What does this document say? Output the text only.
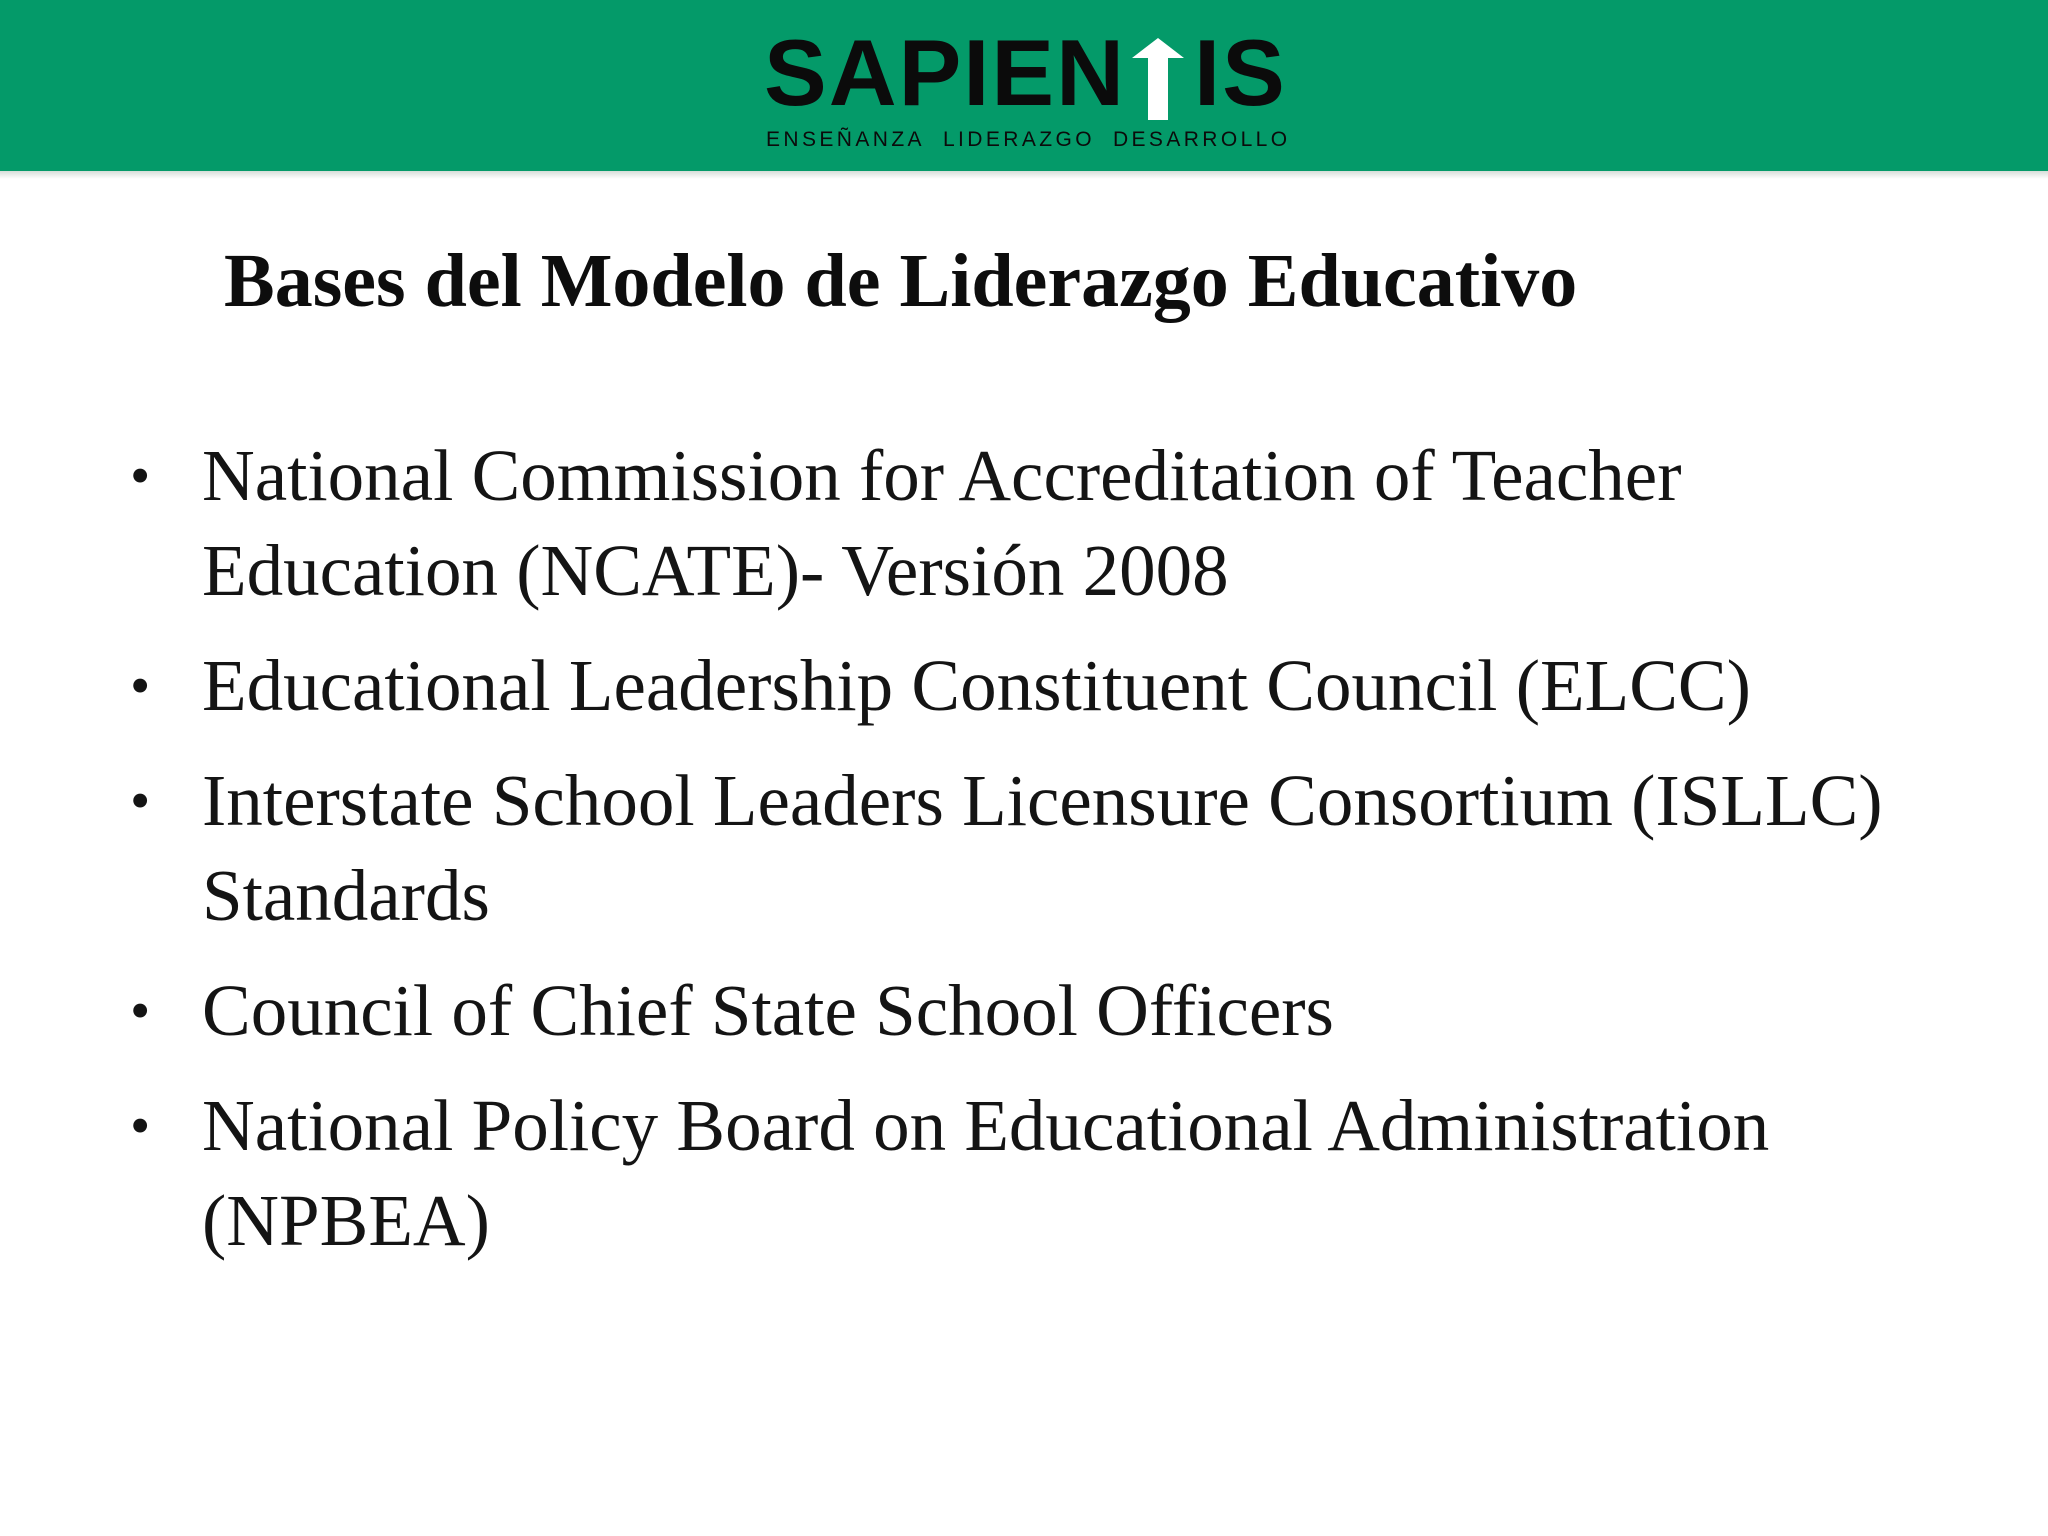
SAPIEN IS
ENSEÑANZA LIDERAZGO DESARROLLO
Bases del Modelo de Liderazgo Educativo
• National Commission for Accreditation of Teacher Education (NCATE)- Versión 2008
• Educational Leadership Constituent Council (ELCC)
• Interstate School Leaders Licensure Consortium (ISLLC) Standards
• Council of Chief State School Officers
• National Policy Board on Educational Administration (NPBEA)
